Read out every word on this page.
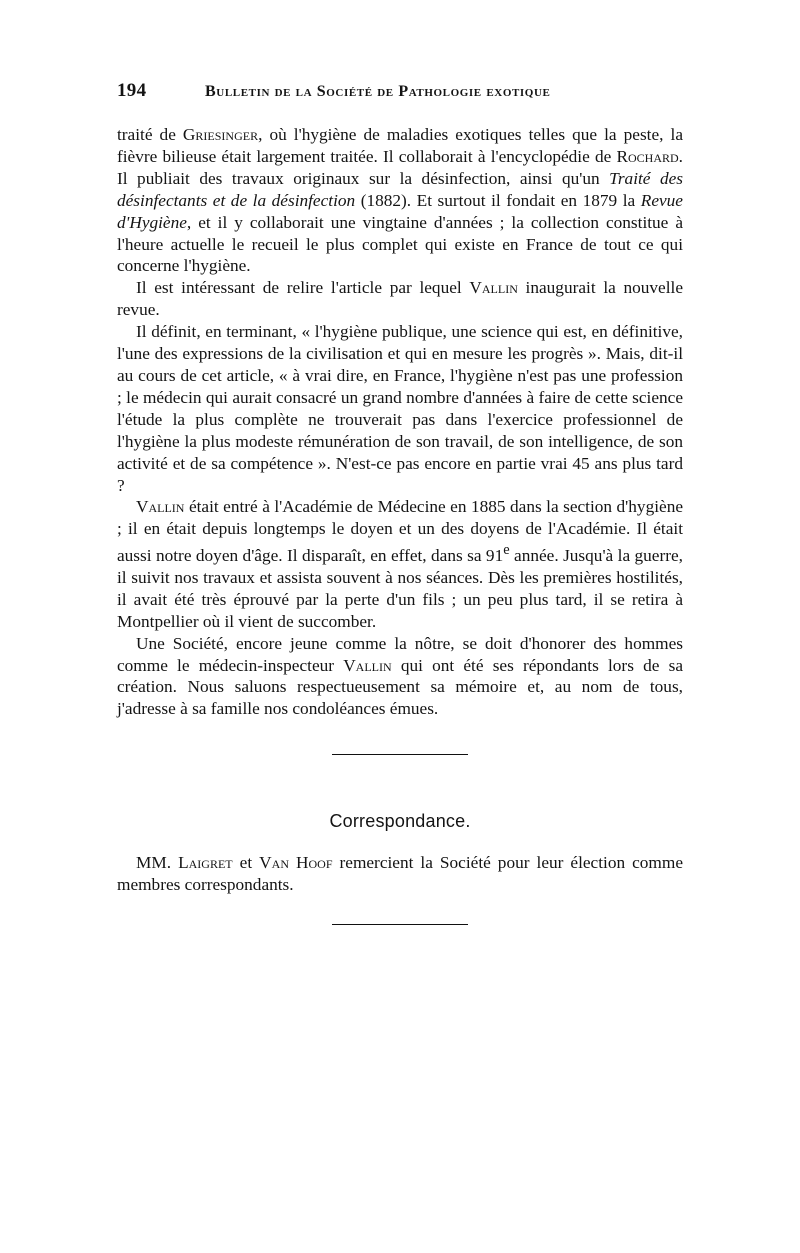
194	Bulletin de la Société de Pathologie exotique

traité de Griesinger, où l'hygiène de maladies exotiques telles que la peste, la fièvre bilieuse était largement traitée. Il collaborait à l'encyclopédie de Rochard. Il publiait des travaux originaux sur la désinfection, ainsi qu'un Traité des désinfectants et de la désinfection (1882). Et surtout il fondait en 1879 la Revue d'Hygiène, et il y collaborait une vingtaine d'années ; la collection constitue à l'heure actuelle le recueil le plus complet qui existe en France de tout ce qui concerne l'hygiène.

Il est intéressant de relire l'article par lequel Vallin inaugurait la nouvelle revue.

Il définit, en terminant, « l'hygiène publique, une science qui est, en définitive, l'une des expressions de la civilisation et qui en mesure les progrès ». Mais, dit-il au cours de cet article, « à vrai dire, en France, l'hygiène n'est pas une profession ; le médecin qui aurait consacré un grand nombre d'années à faire de cette science l'étude la plus complète ne trouverait pas dans l'exercice professionnel de l'hygiène la plus modeste rémunération de son travail, de son intelligence, de son activité et de sa compétence ». N'est-ce pas encore en partie vrai 45 ans plus tard ?

Vallin était entré à l'Académie de Médecine en 1885 dans la section d'hygiène ; il en était depuis longtemps le doyen et un des doyens de l'Académie. Il était aussi notre doyen d'âge. Il disparaît, en effet, dans sa 91e année. Jusqu'à la guerre, il suivit nos travaux et assista souvent à nos séances. Dès les premières hostilités, il avait été très éprouvé par la perte d'un fils ; un peu plus tard, il se retira à Montpellier où il vient de succomber.

Une Société, encore jeune comme la nôtre, se doit d'honorer des hommes comme le médecin-inspecteur Vallin qui ont été ses répondants lors de sa création. Nous saluons respectueusement sa mémoire et, au nom de tous, j'adresse à sa famille nos condoléances émues.

Correspondance.

MM. Laigret et Van Hoof remercient la Société pour leur élection comme membres correspondants.
